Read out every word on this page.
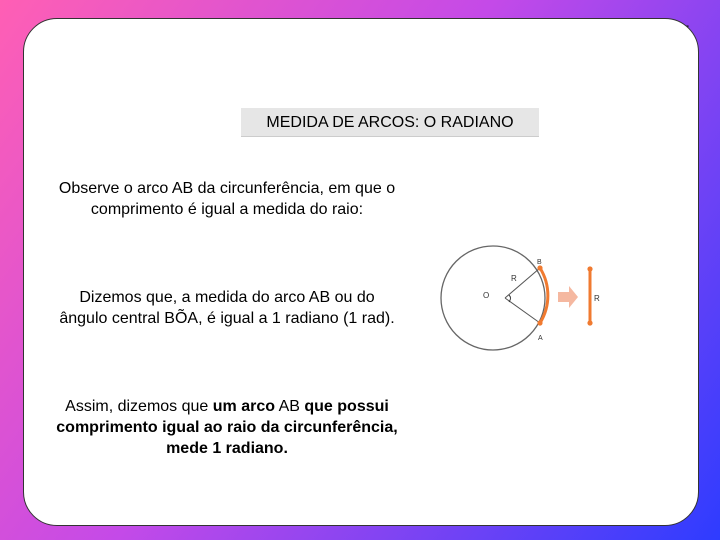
MEDIDA DE ARCOS: O RADIANO
Observe o arco AB da circunferência, em que o comprimento é igual a medida do raio:
Dizemos que, a medida do arco AB ou do ângulo central BÕA, é igual a 1 radiano (1 rad).
Assim, dizemos que um arco AB que possui comprimento igual ao raio da circunferência, mede 1 radiano.
O
R
B
A
R
